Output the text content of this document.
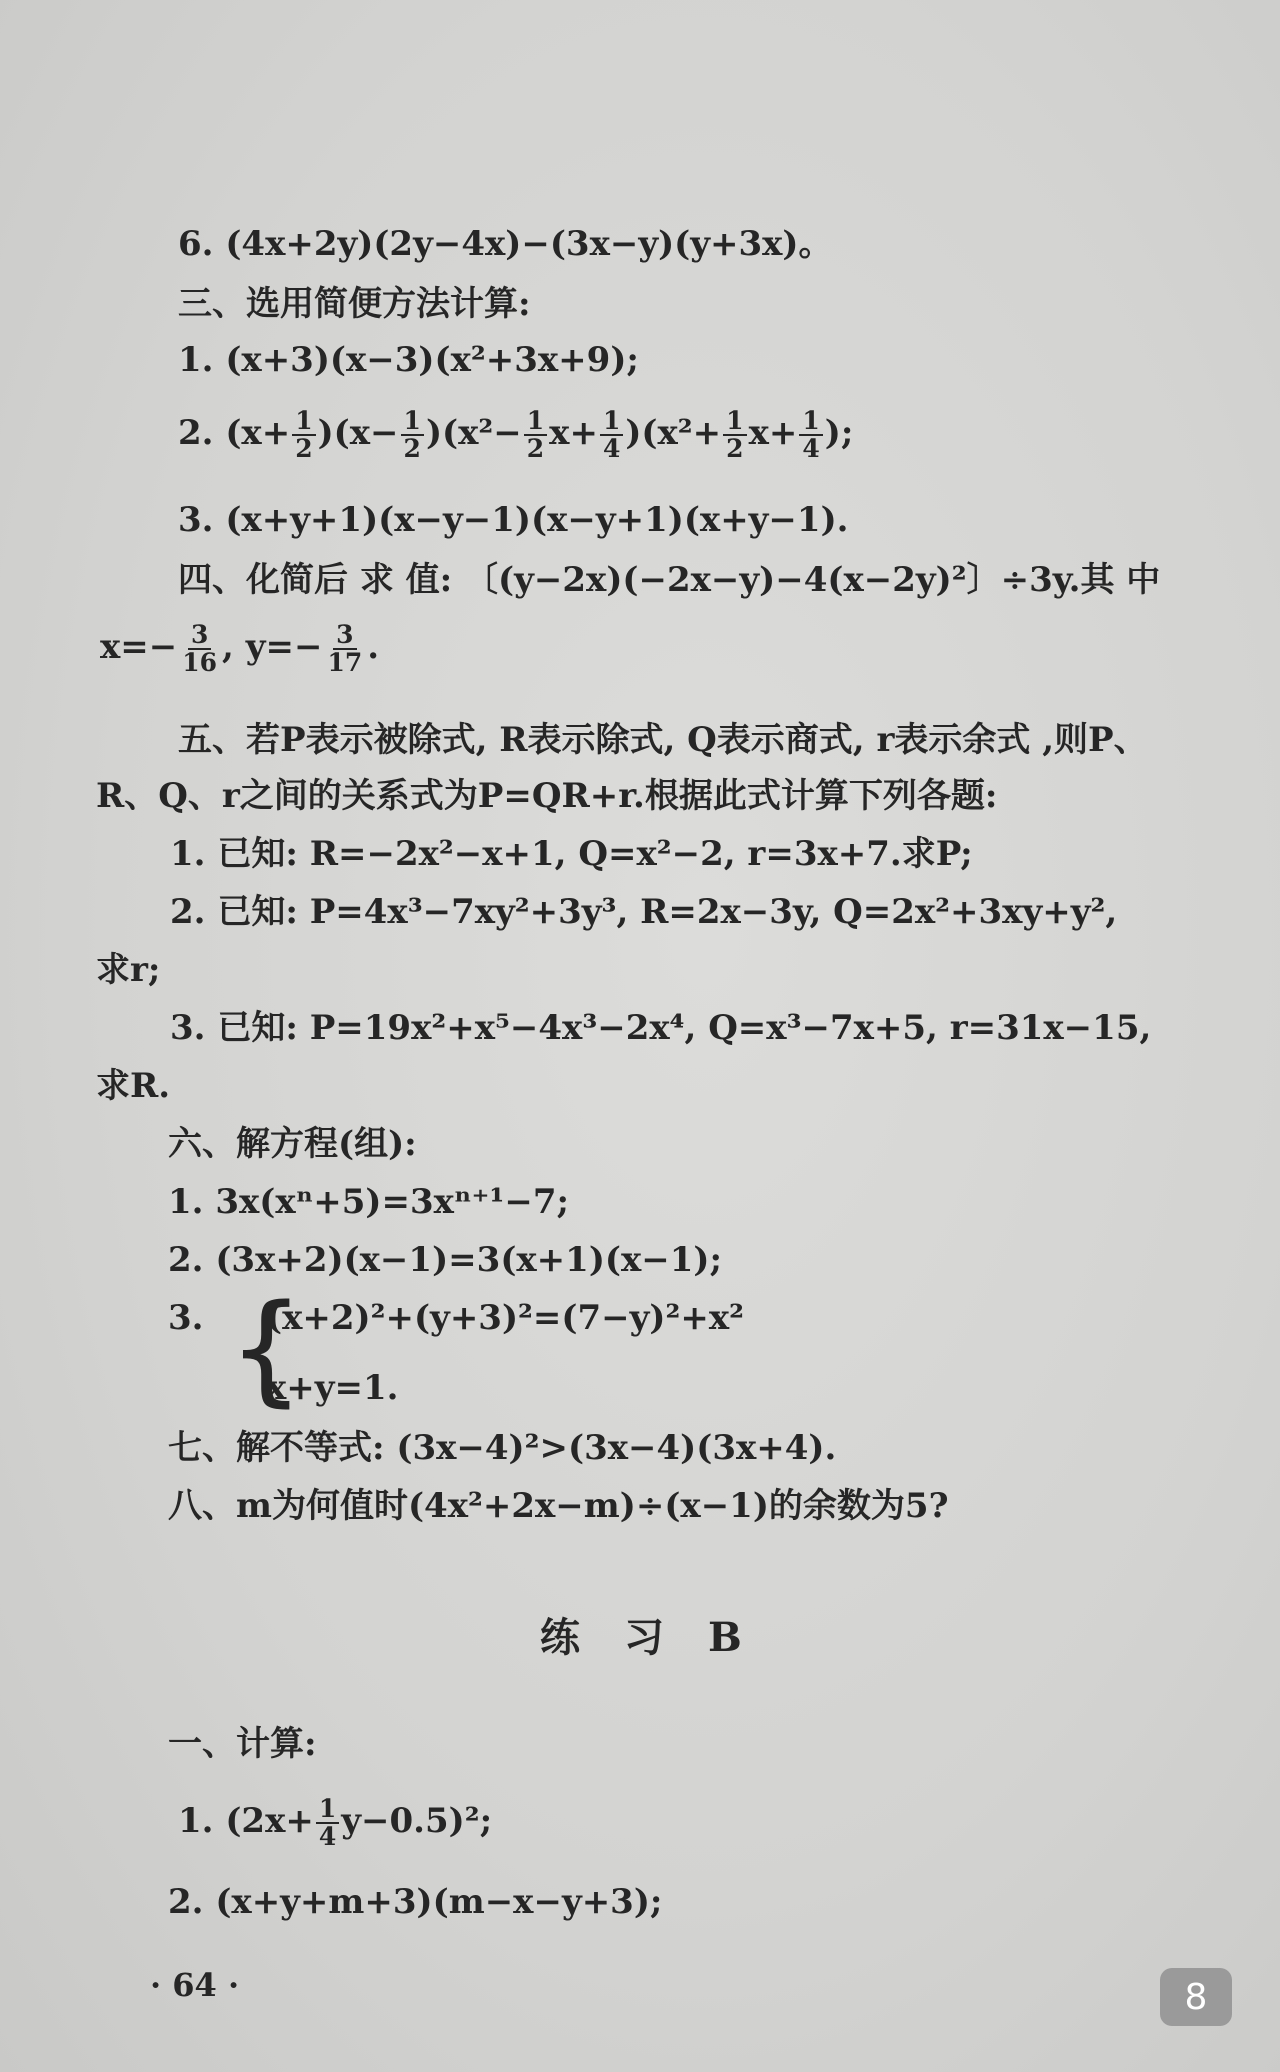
6. (4x+2y)(2y−4x)−(3x−y)(y+3x)。
三、选用简便方法计算:
1. (x+3)(x−3)(x²+3x+9);
2. $(x+ \frac{1}{2} )(x- \frac{1}{2} )(x^2- \frac{1}{2} x+ \frac{1}{4} )(x^2+ \frac{1}{2} x+ \frac{1}{4}$ );
3. (x+y+1)(x−y−1)(x−y+1)(x+y−1).
四、化简后 求 值: 〔(y−2x)(−2x−y)−4(x−2y)²〕÷3y.其 中
$x=- \frac{3}{16}$ , $y=- \frac{3}{17}$ .
五、若P表示被除式, R表示除式, Q表示商式, r表示余式 ,则P、
R、Q、r之间的关系式为P=QR+r.根据此式计算下列各题:
1. 已知: R=−2x²−x+1, Q=x²−2, r=3x+7.求P;
2. 已知: P=4x³−7xy²+3y³, R=2x−3y, Q=2x²+3xy+y²,
求r;
3. 已知: P=19x²+x⁵−4x³−2x⁴, Q=x³−7x+5, r=31x−15,
求R.
六、解方程(组):
1. 3x(xⁿ+5)=3xⁿ⁺¹−7;
2. (3x+2)(x−1)=3(x+1)(x−1);
3. {
(x+2)²+(y+3)²=(7−y)²+x²
x+y=1.
七、解不等式: (3x−4)²>(3x−4)(3x+4).
八、m为何值时(4x²+2x−m)÷(x−1)的余数为5?
练习B
一、计算:
1. $(2x+ \frac{1}{4} y-0.5)^2$;
2. (x+y+m+3)(m−x−y+3);
· 64 ·	8
